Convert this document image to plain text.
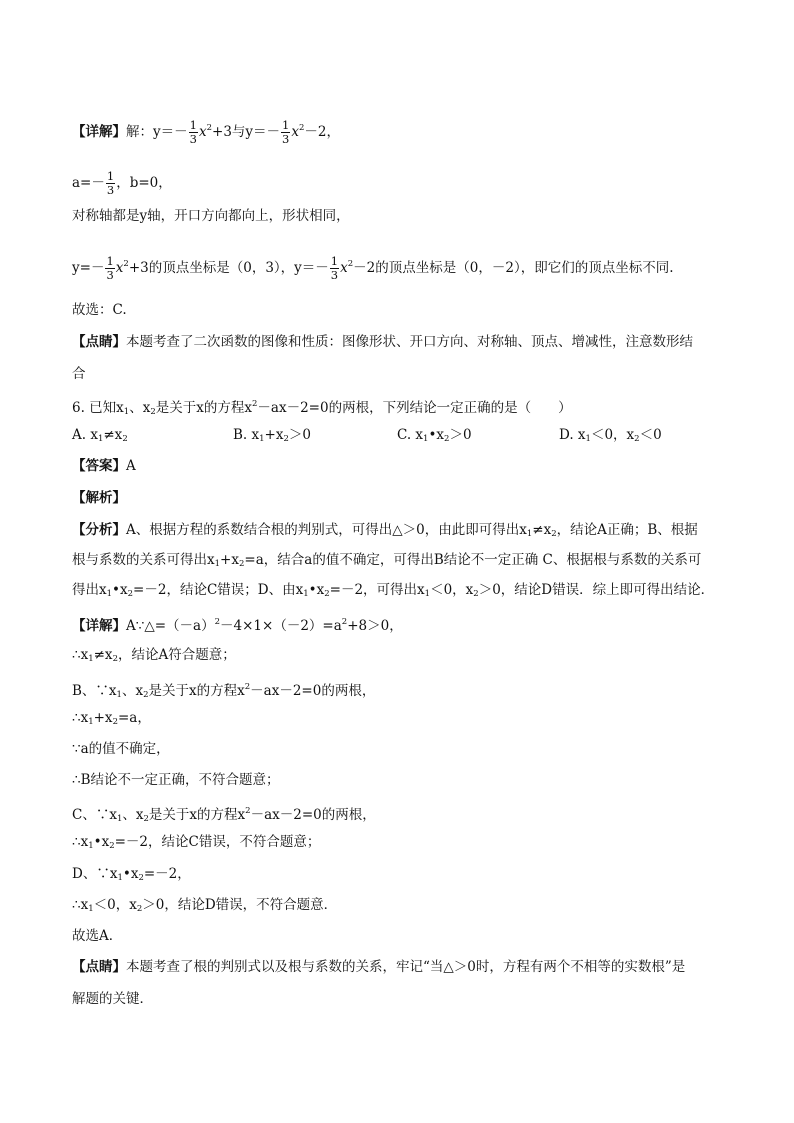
【详解】解：$y=- \frac{1}{3} x^2+3$与$y=- \frac{1}{3} x^2-2$，
$a=- \frac{1}{3}$ ，b=0，
对称轴都是y轴，开口方向都向上，形状相同，
$y=- \frac{1}{3} x^2+3$的顶点坐标是（0，3），$y=- \frac{1}{3} x^2-2$的顶点坐标是（0，－2），即它们的顶点坐标不同.
故选：C.
【点睛】本题考查了二次函数的图像和性质：图像形状、开口方向、对称轴、顶点、增减性，注意数形结
合
6. 已知$x_1$、$x_2$是关于x的方程$x^2-ax-2=0$的两根，下列结论一定正确的是（　　）
A. $x_1\ne x_2$	B. $x_1+x_2>0$	C. $x_1•x_2>0$	D. $x_1<0$，$x_2<0$
【答案】A
【解析】
【分析】A、根据方程的系数结合根的判别式，可得出△＞0，由此即可得出$x_1\ne x_2$，结论A正确；B、根据
根与系数的关系可得出$x_1+x_2=a$，结合a的值不确定，可得出B结论不一定正确 C、根据根与系数的关系可
得出$x_1•x_2=-2$，结论C错误；D、由$x_1•x_2=-2$，可得出$x_1<0$，$x_2>0$，结论D错误．综上即可得出结论．
【详解】$A\because\triangle=(-a)^2-4\times 1\times(-2)=a^2+8>0$，
$\therefore x_1\ne x_2$，结论A符合题意；
B、$\because x_1$、$x_2$是关于x的方程$x^2-ax-2=0$的两根，
$\therefore x_1+x_2=a$，
∵a的值不确定，
∴B结论不一定正确，不符合题意；
C、$\because x_1$、$x_2$是关于x的方程$x^2-ax-2=0$的两根，
$\therefore x_1•x_2=-2$，结论C错误，不符合题意；
D、$\because x_1•x_2=-2$，
$\therefore x_1<0$，$x_2>0$，结论D错误，不符合题意．
故选A．
【点睛】本题考查了根的判别式以及根与系数的关系，牢记“当△＞0时，方程有两个不相等的实数根”是
解题的关键．
